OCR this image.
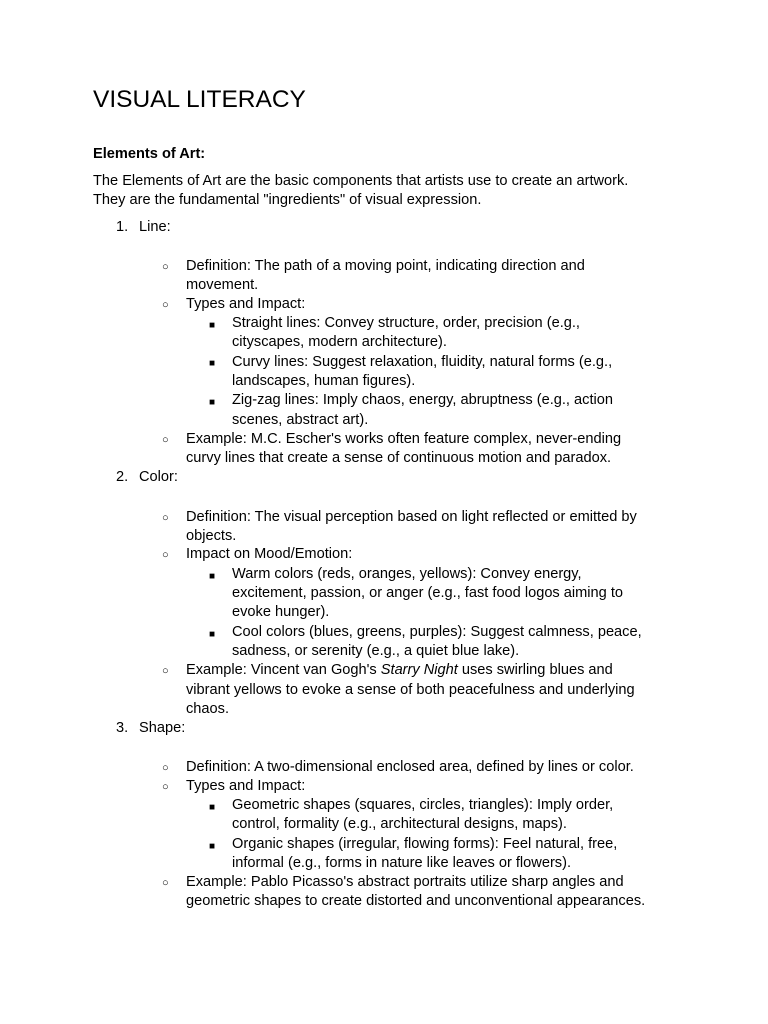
VISUAL LITERACY
Elements of Art:
The Elements of Art are the basic components that artists use to create an artwork.
They are the fundamental "ingredients" of visual expression.
1. Line:
○ Definition: The path of a moving point, indicating direction and
movement.
○ Types and Impact:
■ Straight lines: Convey structure, order, precision (e.g.,
cityscapes, modern architecture).
■ Curvy lines: Suggest relaxation, fluidity, natural forms (e.g.,
landscapes, human figures).
■ Zig-zag lines: Imply chaos, energy, abruptness (e.g., action
scenes, abstract art).
○ Example: M.C. Escher's works often feature complex, never-ending
curvy lines that create a sense of continuous motion and paradox.
2. Color:
○ Definition: The visual perception based on light reflected or emitted by
objects.
○ Impact on Mood/Emotion:
■ Warm colors (reds, oranges, yellows): Convey energy,
excitement, passion, or anger (e.g., fast food logos aiming to
evoke hunger).
■ Cool colors (blues, greens, purples): Suggest calmness, peace,
sadness, or serenity (e.g., a quiet blue lake).
○ Example: Vincent van Gogh's Starry Night uses swirling blues and
vibrant yellows to evoke a sense of both peacefulness and underlying
chaos.
3. Shape:
○ Definition: A two-dimensional enclosed area, defined by lines or color.
○ Types and Impact:
■ Geometric shapes (squares, circles, triangles): Imply order,
control, formality (e.g., architectural designs, maps).
■ Organic shapes (irregular, flowing forms): Feel natural, free,
informal (e.g., forms in nature like leaves or flowers).
○ Example: Pablo Picasso's abstract portraits utilize sharp angles and
geometric shapes to create distorted and unconventional appearances.
